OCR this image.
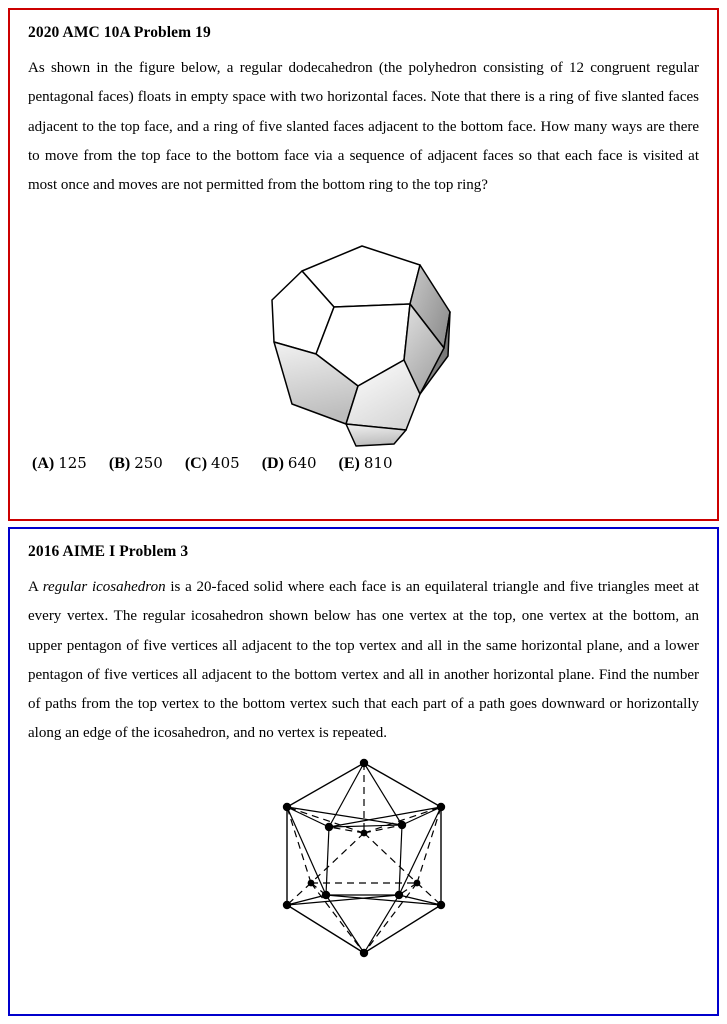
2020 AMC 10A Problem 19

As shown in the figure below, a regular dodecahedron (the polyhedron consisting of 12 congruent regular pentagonal faces) floats in empty space with two horizontal faces. Note that there is a ring of five slanted faces adjacent to the top face, and a ring of five slanted faces adjacent to the bottom face. How many ways are there to move from the top face to the bottom face via a sequence of adjacent faces so that each face is visited at most once and moves are not permitted from the bottom ring to the top ring?

(A) 125 (B) 250 (C) 405 (D) 640 (E) 810
2016 AIME I Problem 3

A regular icosahedron is a 20-faced solid where each face is an equilateral triangle and five triangles meet at every vertex. The regular icosahedron shown below has one vertex at the top, one vertex at the bottom, an upper pentagon of five vertices all adjacent to the top vertex and all in the same horizontal plane, and a lower pentagon of five vertices all adjacent to the bottom vertex and all in another horizontal plane. Find the number of paths from the top vertex to the bottom vertex such that each part of a path goes downward or horizontally along an edge of the icosahedron, and no vertex is repeated.
